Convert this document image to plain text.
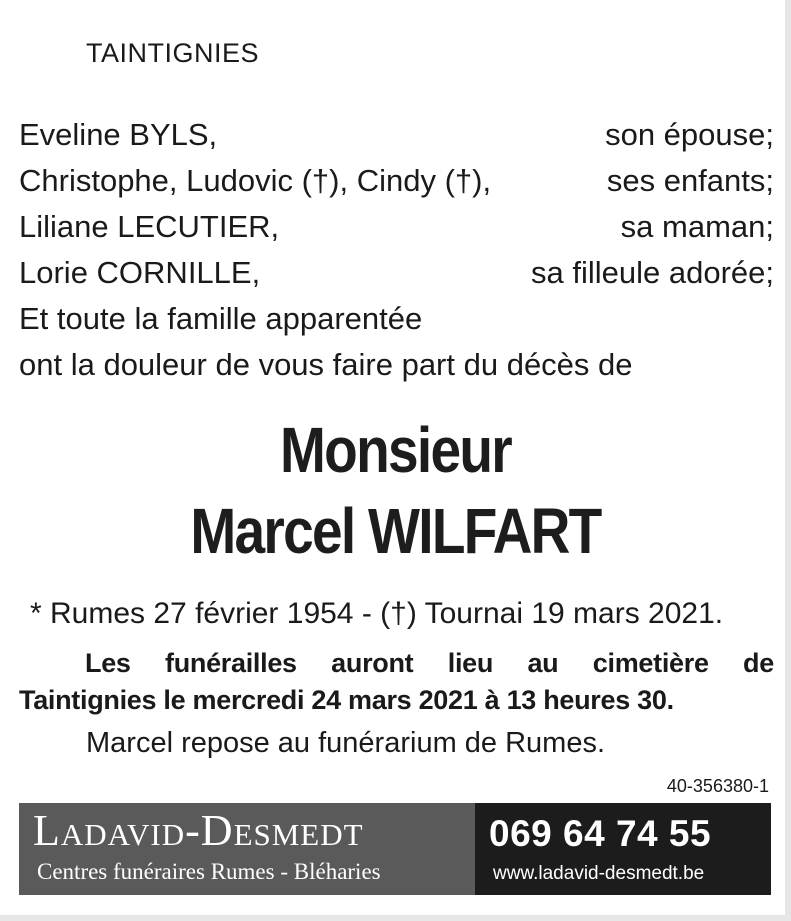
TAINTIGNIES
Eveline BYLS,	son épouse;
Christophe, Ludovic (†), Cindy (†),	ses enfants;
Liliane LECUTIER,	sa maman;
Lorie CORNILLE,	sa filleule adorée;
Et toute la famille apparentée
ont la douleur de vous faire part du décès de
Monsieur
Marcel WILFART
* Rumes 27 février 1954 - (†) Tournai 19 mars 2021.
Les funérailles auront lieu au cimetière de
Taintignies le mercredi 24 mars 2021 à 13 heures 30.
Marcel repose au funérarium de Rumes.
40-356380-1
Ladavid-Desmedt
Centres funéraires Rumes - Bléharies
069 64 74 55
www.ladavid-desmedt.be
